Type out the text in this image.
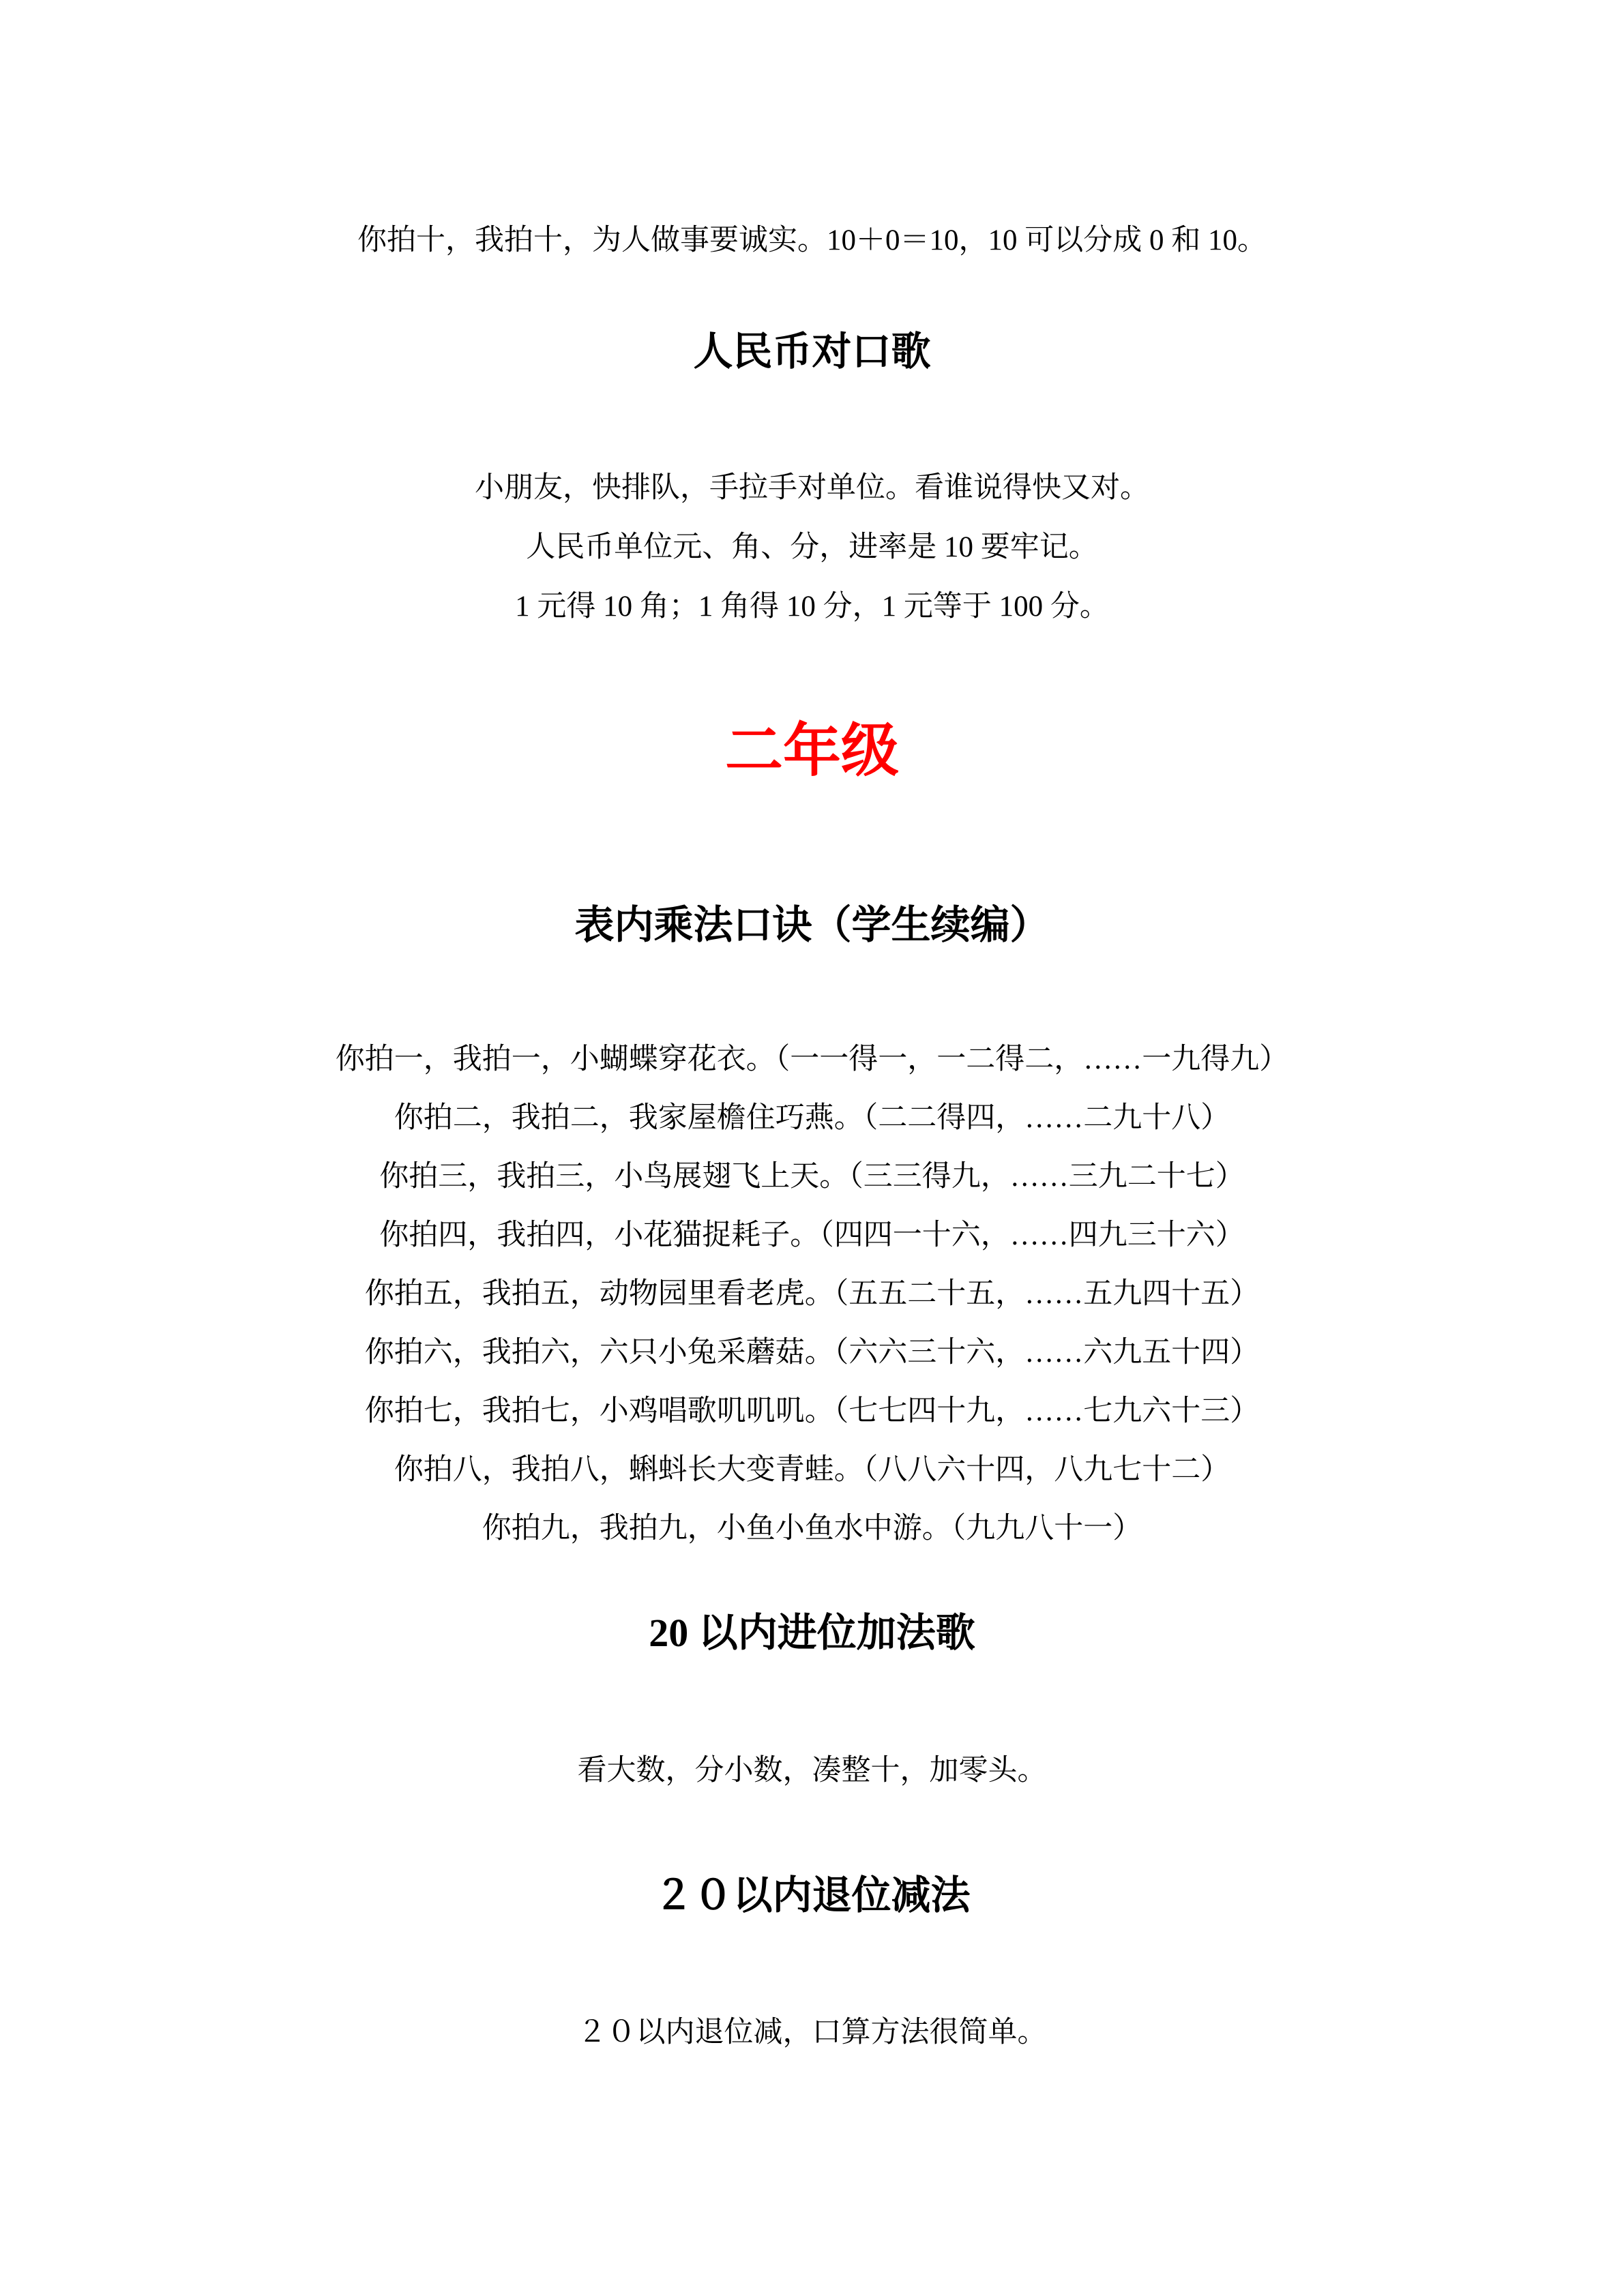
你拍十，我拍十，为人做事要诚实。10＋0＝10，10 可以分成 0 和 10。

人民币对口歌

小朋友，快排队，手拉手对单位。看谁说得快又对。

人民币单位元、角、分，进率是 10 要牢记。

1 元得 10 角；1 角得 10 分，1 元等于 100 分。

二年级
表内乘法口诀（学生续编）

你拍一，我拍一，小蝴蝶穿花衣。（一一得一，一二得二，……一九得九）

你拍二，我拍二，我家屋檐住巧燕。（二二得四，……二九十八）

你拍三，我拍三，小鸟展翅飞上天。（三三得九，……三九二十七）

你拍四，我拍四，小花猫捉耗子。（四四一十六，……四九三十六）

你拍五，我拍五，动物园里看老虎。（五五二十五，……五九四十五）

你拍六，我拍六，六只小兔采蘑菇。（六六三十六，……六九五十四）

你拍七，我拍七，小鸡唱歌叽叽叽。（七七四十九，……七九六十三）

你拍八，我拍八，蝌蚪长大变青蛙。（八八六十四，八九七十二）

你拍九，我拍九，小鱼小鱼水中游。（九九八十一）

20 以内进位加法歌

看大数，分小数，凑整十，加零头。

２０以内退位减法

２０以内退位减，口算方法很简单。
